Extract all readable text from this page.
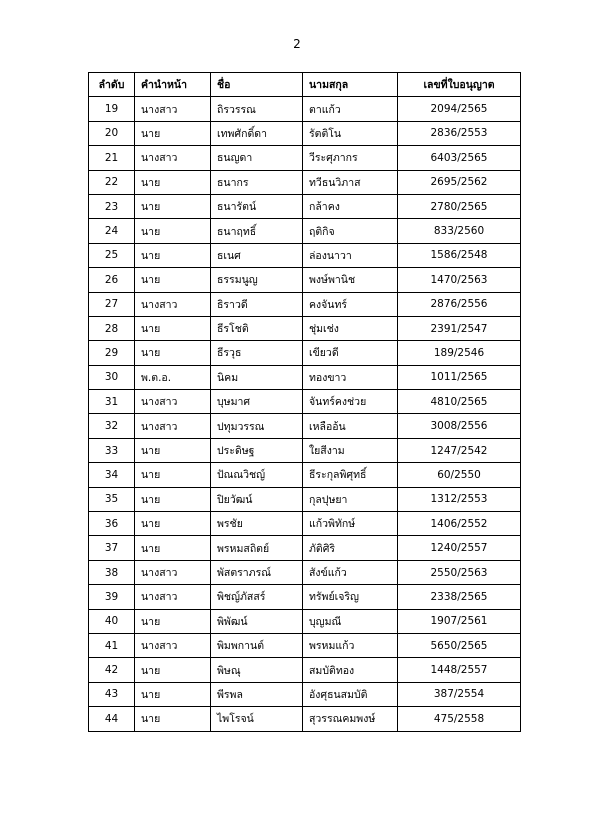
2
ลำดับ	คำนำหน้า	ชื่อ	นามสกุล	เลขที่ใบอนุญาต
19	นางสาว	ถิรวรรณ	ตาแก้ว	2094/2565
20	นาย	เทพศักดิ์ดา	รัตติโน	2836/2553
21	นางสาว	ธนญดา	วีระศุภากร	6403/2565
22	นาย	ธนากร	ทวีธนวิภาส	2695/2562
23	นาย	ธนารัตน์	กล้าคง	2780/2565
24	นาย	ธนาฤทธิ์	ฤติกิจ	833/2560
25	นาย	ธเนศ	ล่องนาวา	1586/2548
26	นาย	ธรรมนูญ	พงษ์พานิช	1470/2563
27	นางสาว	ธิราวดี	คงจันทร์	2876/2556
28	นาย	ธีรโชติ	ชุ่มเช่ง	2391/2547
29	นาย	ธีรวุธ	เขียวดี	189/2546
30	พ.ต.อ.	นิคม	ทองขาว	1011/2565
31	นางสาว	บุษมาศ	จันทร์คงช่วย	4810/2565
32	นางสาว	ปทุมวรรณ	เหลืออ้น	3008/2556
33	นาย	ประดิษฐ	ใยสีงาม	1247/2542
34	นาย	ปัณณวิชญ์	ธีระกุลพิศุทธิ์	60/2550
35	นาย	ปิยวัฒน์	กุลปุษยา	1312/2553
36	นาย	พรชัย	แก้วพิทักษ์	1406/2552
37	นาย	พรหมสถิตย์	ภัติศิริ	1240/2557
38	นางสาว	พัสตราภรณ์	สังข์แก้ว	2550/2563
39	นางสาว	พิชญ์ภัสสร์	ทรัพย์เจริญ	2338/2565
40	นาย	พิพัฒน์	บุญมณี	1907/2561
41	นางสาว	พิมพกานต์	พรหมแก้ว	5650/2565
42	นาย	พิษณุ	สมบัติทอง	1448/2557
43	นาย	พีรพล	อังศุธนสมบัติ	387/2554
44	นาย	ไพโรจน์	สุวรรณคมพงษ์	475/2558
